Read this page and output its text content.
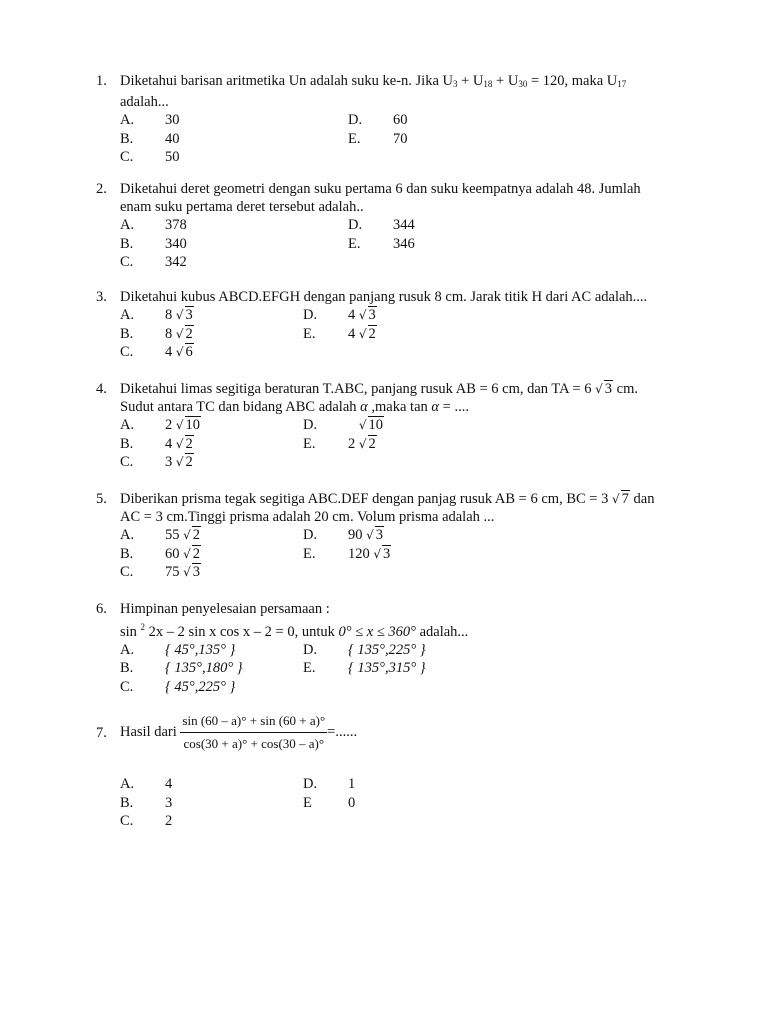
1. Diketahui barisan aritmetika Un adalah suku ke-n. Jika $U_3 + U_{18} + U_{30} = 120$, maka $U_{17}$
adalah...
A. 30	D. 60
B. 40	E. 70
C. 50
2. Diketahui deret geometri dengan suku pertama 6 dan suku keempatnya adalah 48. Jumlah
enam suku pertama deret tersebut adalah..
A. 378	D. 344
B. 340	E. 346
C. 342
3. Diketahui kubus ABCD.EFGH dengan panjang rusuk 8 cm. Jarak titik H dari AC adalah....
A. 8 √ 3	D. 4 √ 3
B. 8 √ 2	E. 4 √ 2
C. 4 √ 6
4. Diketahui limas segitiga beraturan T.ABC, panjang rusuk AB = 6 cm, dan TA = 6 √ 3 cm.
Sudut antara TC dan bidang ABC adalah α ,maka tan α = ....
A. 2 √ 10	D.	√ 10
B. 4 √ 2	E. 2 √ 2
C. 3 √ 2
5. Diberikan prisma tegak segitiga ABC.DEF dengan panjag rusuk AB = 6 cm, BC = 3 √ 7 dan
AC = 3 cm.Tinggi prisma adalah 20 cm. Volum prisma adalah ...
A. 55 √ 2	D. 90 √ 3
B. 60 √ 2	E. 120 √ 3
C. 75 √ 3
6. Himpinan penyelesaian persamaan :
sin $^2$ 2x – 2 sin x cos x – 2 = 0, untuk 0° ≤ x ≤ 360° adalah...
A. { 45°,135° }	D. { 135°,225° }
B. { 135°,180° }	E. { 135°,315° }
C. { 45°,225° }
7. Hasil dari $\frac{\sin (60 - a)^\circ + \sin (60 + a)^\circ}{\cos(30 + a)^\circ + \cos(30 - a)^\circ}$ =......
A. 4	D. 1
B. 3	E 0
C. 2
